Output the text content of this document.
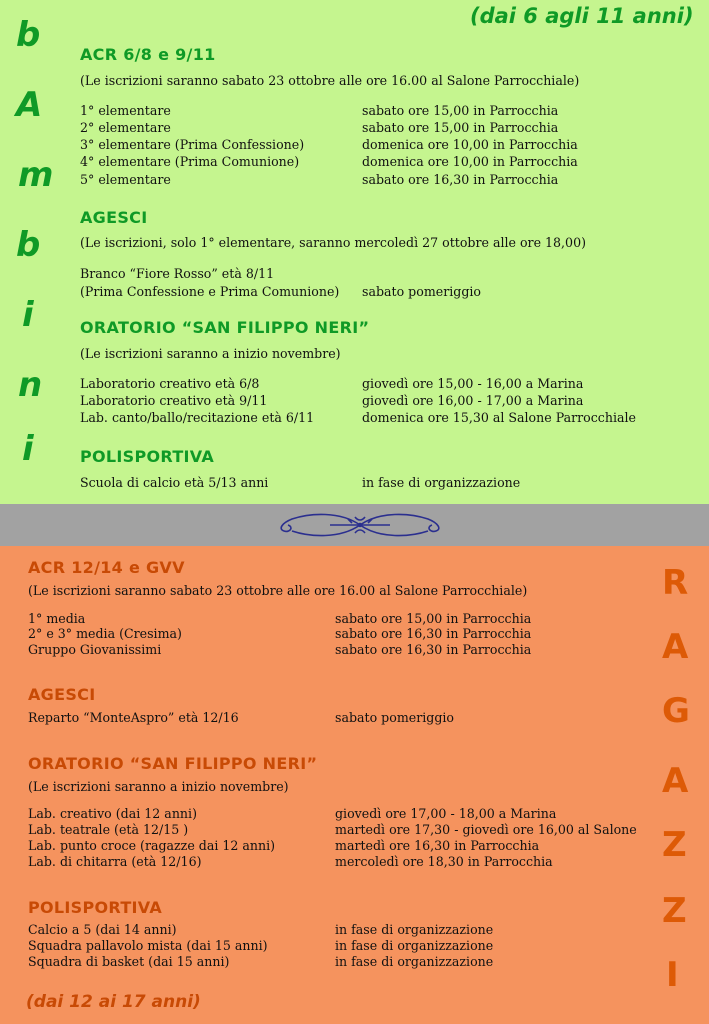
b
A
m
b
i
n
i
(dai 6 agli 11 anni)
ACR 6/8 e 9/11
(Le iscrizioni saranno sabato 23 ottobre alle ore 16.00 al Salone Parrocchiale)
1° elementare	sabato ore 15,00 in Parrocchia
2° elementare	sabato ore 15,00 in Parrocchia
3° elementare (Prima Confessione)	domenica ore 10,00 in Parrocchia
4° elementare (Prima Comunione)	domenica ore 10,00 in Parrocchia
5° elementare	sabato ore 16,30 in Parrocchia
AGESCI
(Le iscrizioni, solo 1° elementare, saranno mercoledì 27 ottobre alle ore 18,00)
Branco “Fiore Rosso” età 8/11
(Prima Confessione e Prima Comunione) sabato pomeriggio
ORATORIO “SAN FILIPPO NERI”
(Le iscrizioni saranno a inizio novembre)
Laboratorio creativo età 6/8	giovedì ore 15,00 - 16,00 a Marina
Laboratorio creativo età 9/11	giovedì ore 16,00 - 17,00 a Marina
Lab. canto/ballo/recitazione età 6/11	domenica ore 15,30 al Salone Parrocchiale
POLISPORTIVA
Scuola di calcio età 5/13 anni	in fase di organizzazione
R
A
G
A
Z
Z
I
ACR 12/14 e GVV
(Le iscrizioni saranno sabato 23 ottobre alle ore 16.00 al Salone Parrocchiale)
1° media	sabato ore 15,00 in Parrocchia
2° e 3° media (Cresima)	sabato ore 16,30 in Parrocchia
Gruppo Giovanissimi	sabato ore 16,30 in Parrocchia
AGESCI
Reparto “MonteAspro” età 12/16	sabato pomeriggio
ORATORIO “SAN FILIPPO NERI”
(Le iscrizioni saranno a inizio novembre)
Lab. creativo (dai 12 anni)	giovedì ore 17,00 - 18,00 a Marina
Lab. teatrale (età 12/15 )	martedì ore 17,30 - giovedì ore 16,00 al Salone
Lab. punto croce (ragazze dai 12 anni)	martedì ore 16,30 in Parrocchia
Lab. di chitarra (età 12/16)	mercoledì ore 18,30 in Parrocchia
POLISPORTIVA
Calcio a 5 (dai 14 anni)	in fase di organizzazione
Squadra pallavolo mista (dai 15 anni)	in fase di organizzazione
Squadra di basket (dai 15 anni)	in fase di organizzazione
(dai 12 ai 17 anni)
